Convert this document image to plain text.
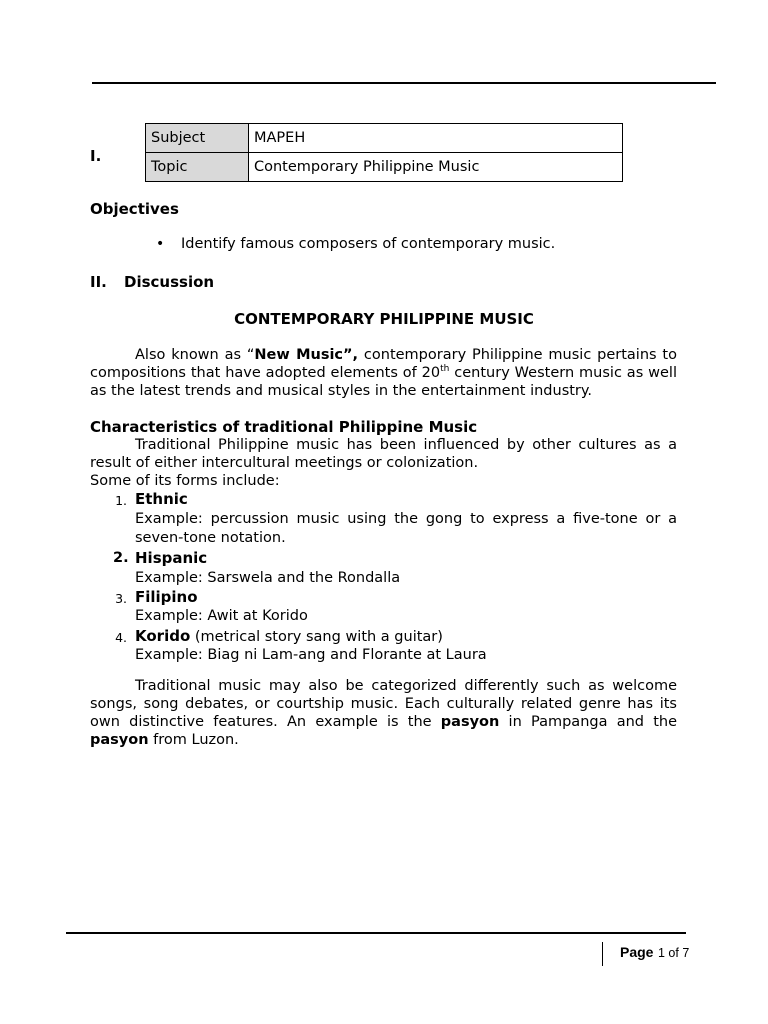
I.
Subject	MAPEH
Topic	Contemporary Philippine Music
Objectives
• Identify famous composers of contemporary music.
II. Discussion
CONTEMPORARY PHILIPPINE MUSIC
Also known as “New Music”, contemporary Philippine music pertains to compositions that have adopted elements of 20th century Western music as well as the latest trends and musical styles in the entertainment industry.
Characteristics of traditional Philippine Music
Traditional Philippine music has been influenced by other cultures as a result of either intercultural meetings or colonization.
Some of its forms include:
1. Ethnic
Example: percussion music using the gong to express a five-tone or a seven-tone notation.
2. Hispanic
Example: Sarswela and the Rondalla
3. Filipino
Example: Awit at Korido
4. Korido (metrical story sang with a guitar)
Example: Biag ni Lam-ang and Florante at Laura
Traditional music may also be categorized differently such as welcome songs, song debates, or courtship music. Each culturally related genre has its own distinctive features. An example is the pasyon in Pampanga and the pasyon from Luzon.
Page 1 of 7
